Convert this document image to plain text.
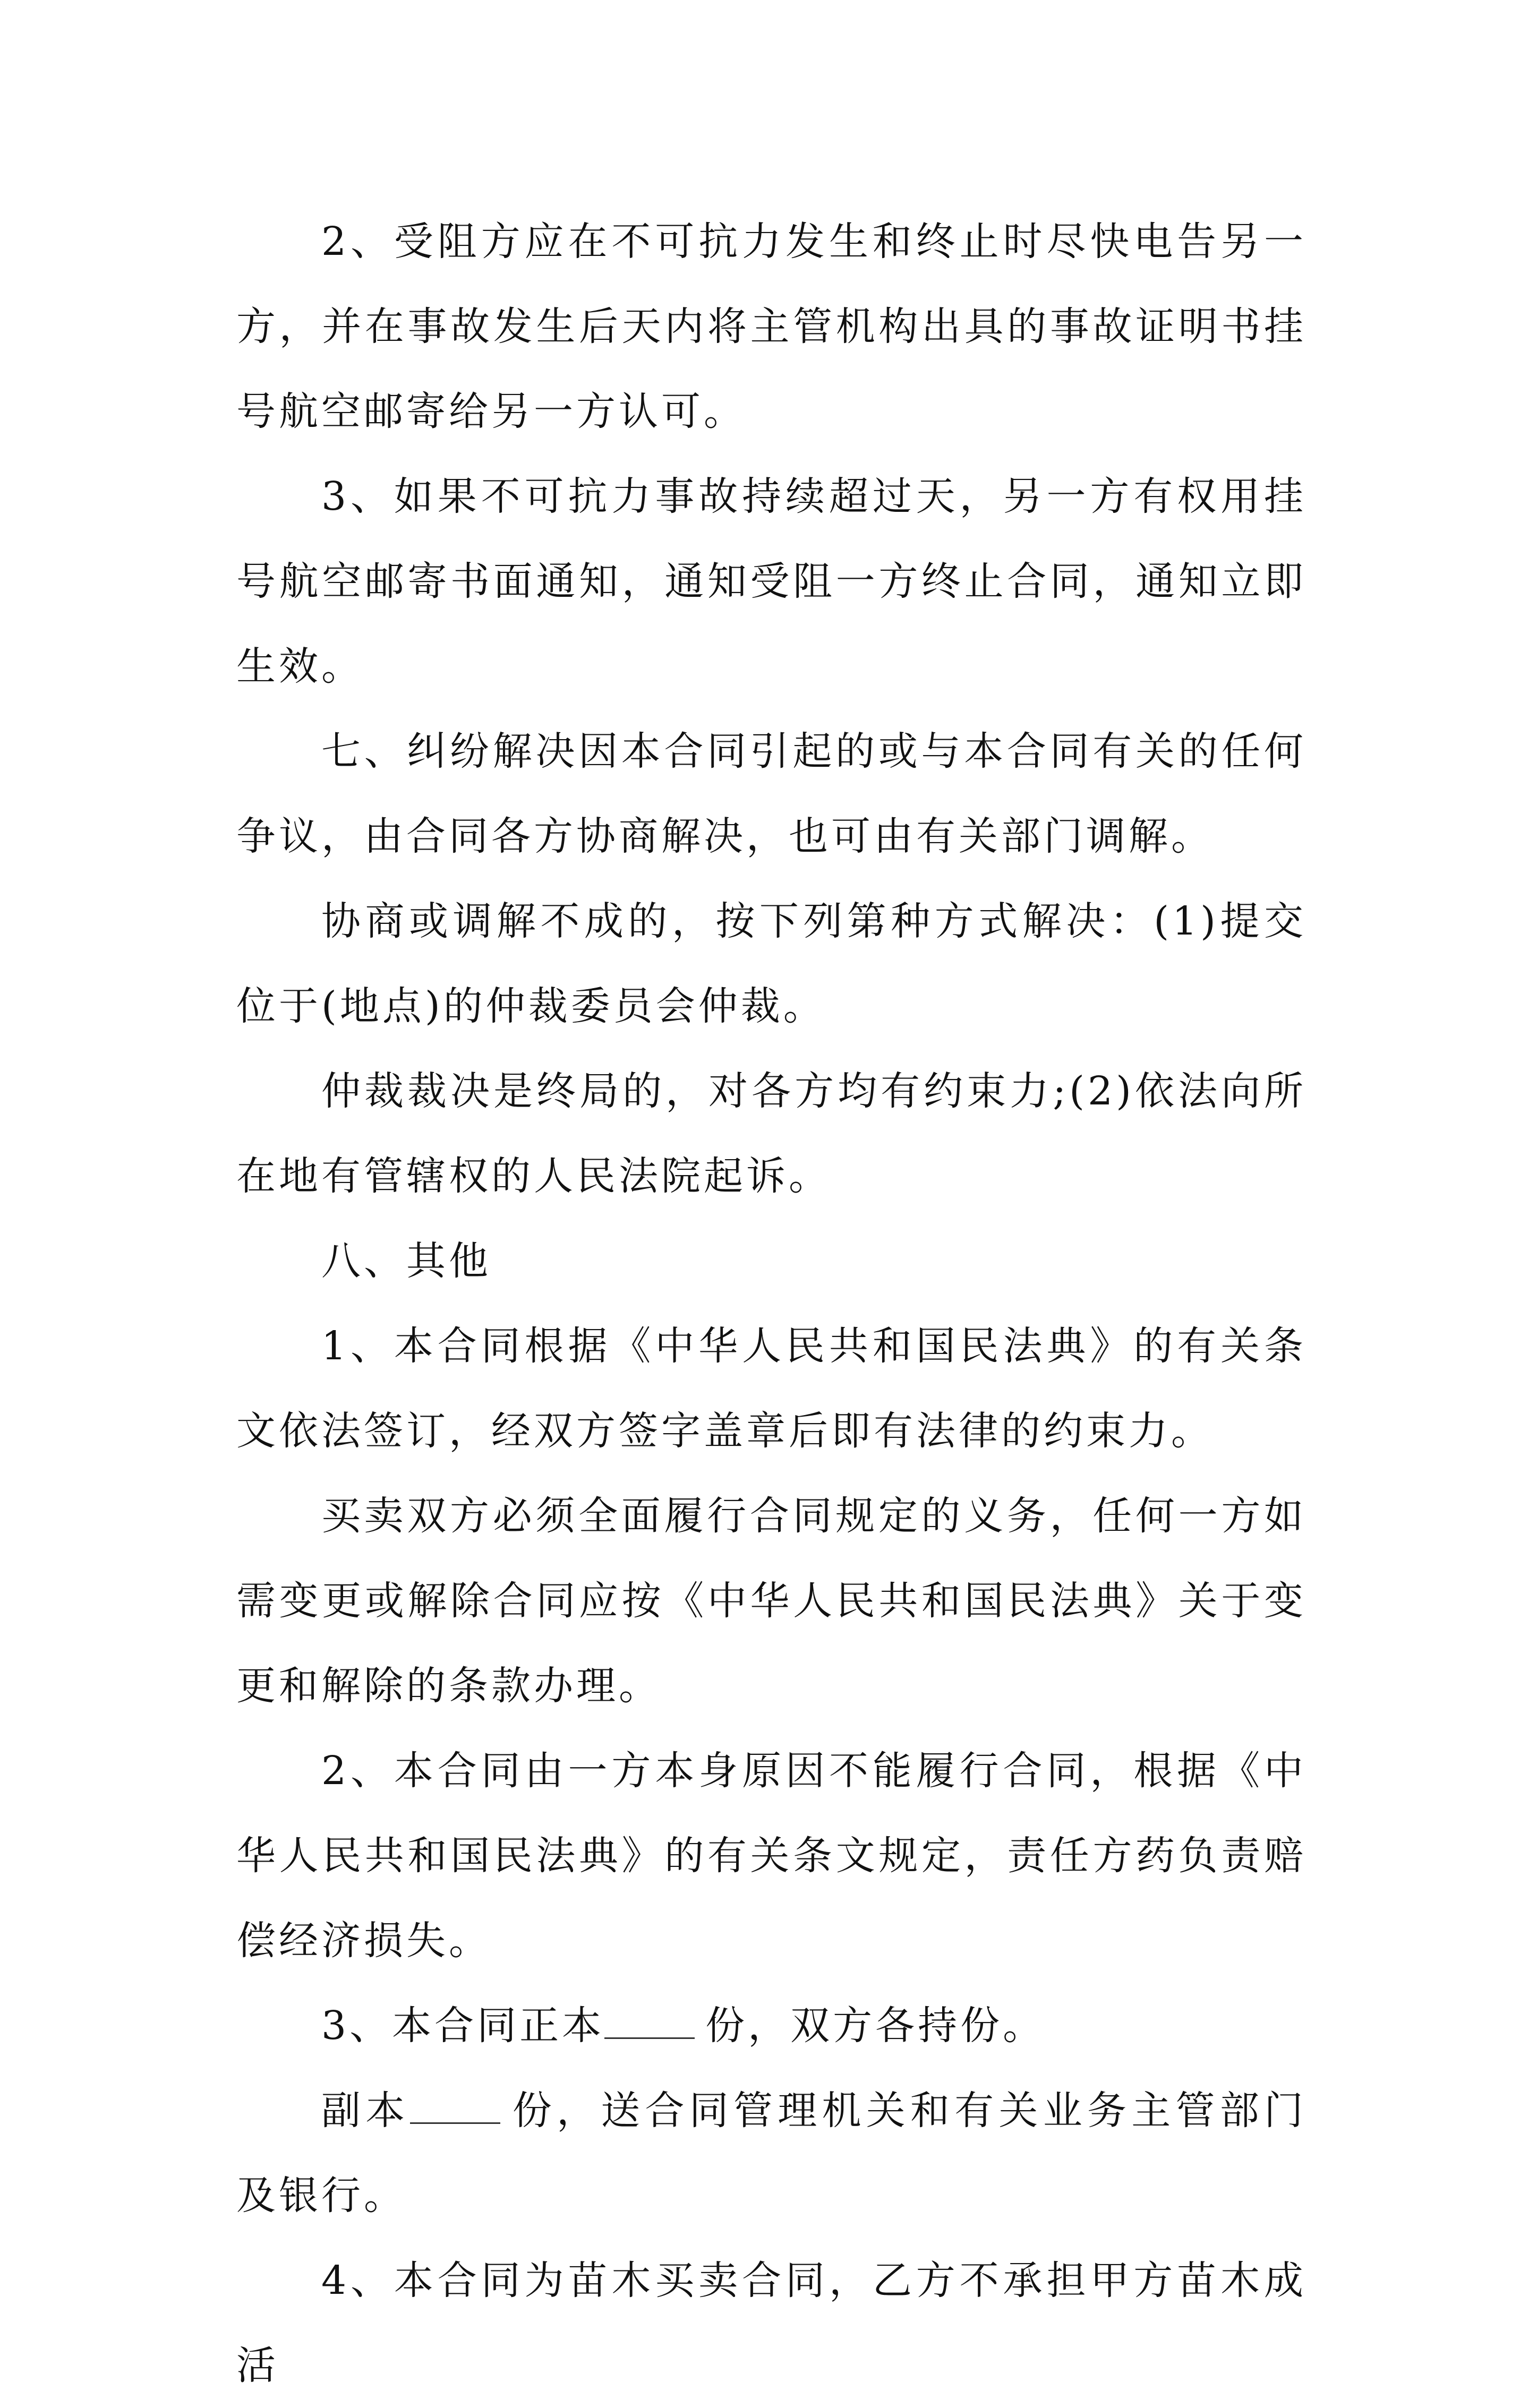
2、受阻方应在不可抗力发生和终止时尽快电告另一方，并在事故发生后天内将主管机构出具的事故证明书挂号航空邮寄给另一方认可。

3、如果不可抗力事故持续超过天，另一方有权用挂号航空邮寄书面通知，通知受阻一方终止合同，通知立即生效。

七、纠纷解决因本合同引起的或与本合同有关的任何争议，由合同各方协商解决，也可由有关部门调解。

协商或调解不成的，按下列第种方式解决：(1)提交位于(地点)的仲裁委员会仲裁。

仲裁裁决是终局的，对各方均有约束力;(2)依法向所在地有管辖权的人民法院起诉。

八、其他

1、本合同根据《中华人民共和国民法典》的有关条文依法签订，经双方签字盖章后即有法律的约束力。

买卖双方必须全面履行合同规定的义务，任何一方如需变更或解除合同应按《中华人民共和国民法典》关于变更和解除的条款办理。

2、本合同由一方本身原因不能履行合同，根据《中华人民共和国民法典》的有关条文规定，责任方药负责赔偿经济损失。

3、本合同正本	份，双方各持份。

副本	份，送合同管理机关和有关业务主管部门及银行。

4、本合同为苗木买卖合同，乙方不承担甲方苗木成活
